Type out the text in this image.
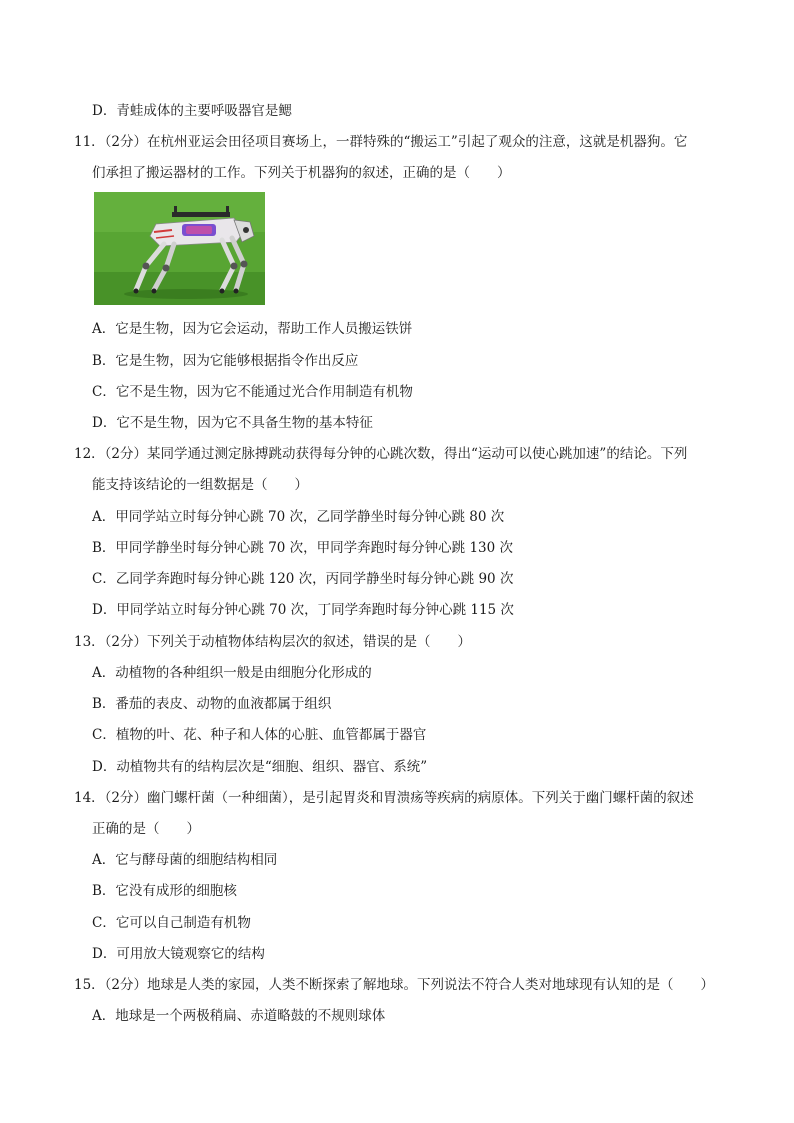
D．青蛙成体的主要呼吸器官是鳃
11．（2分）在杭州亚运会田径项目赛场上，一群特殊的“搬运工”引起了观众的注意，这就是机器狗。它
们承担了搬运器材的工作。下列关于机器狗的叙述，正确的是（　　）
A．它是生物，因为它会运动，帮助工作人员搬运铁饼
B．它是生物，因为它能够根据指令作出反应
C．它不是生物，因为它不能通过光合作用制造有机物
D．它不是生物，因为它不具备生物的基本特征
12．（2分）某同学通过测定脉搏跳动获得每分钟的心跳次数，得出“运动可以使心跳加速”的结论。下列
能支持该结论的一组数据是（　　）
A．甲同学站立时每分钟心跳 70 次，乙同学静坐时每分钟心跳 80 次
B．甲同学静坐时每分钟心跳 70 次，甲同学奔跑时每分钟心跳 130 次
C．乙同学奔跑时每分钟心跳 120 次，丙同学静坐时每分钟心跳 90 次
D．甲同学站立时每分钟心跳 70 次，丁同学奔跑时每分钟心跳 115 次
13．（2分）下列关于动植物体结构层次的叙述，错误的是（　　）
A．动植物的各种组织一般是由细胞分化形成的
B．番茄的表皮、动物的血液都属于组织
C．植物的叶、花、种子和人体的心脏、血管都属于器官
D．动植物共有的结构层次是“细胞、组织、器官、系统”
14．（2分）幽门螺杆菌（一种细菌），是引起胃炎和胃溃疡等疾病的病原体。下列关于幽门螺杆菌的叙述
正确的是（　　）
A．它与酵母菌的细胞结构相同
B．它没有成形的细胞核
C．它可以自己制造有机物
D．可用放大镜观察它的结构
15．（2分）地球是人类的家园，人类不断探索了解地球。下列说法不符合人类对地球现有认知的是（　　）
A．地球是一个两极稍扁、赤道略鼓的不规则球体
